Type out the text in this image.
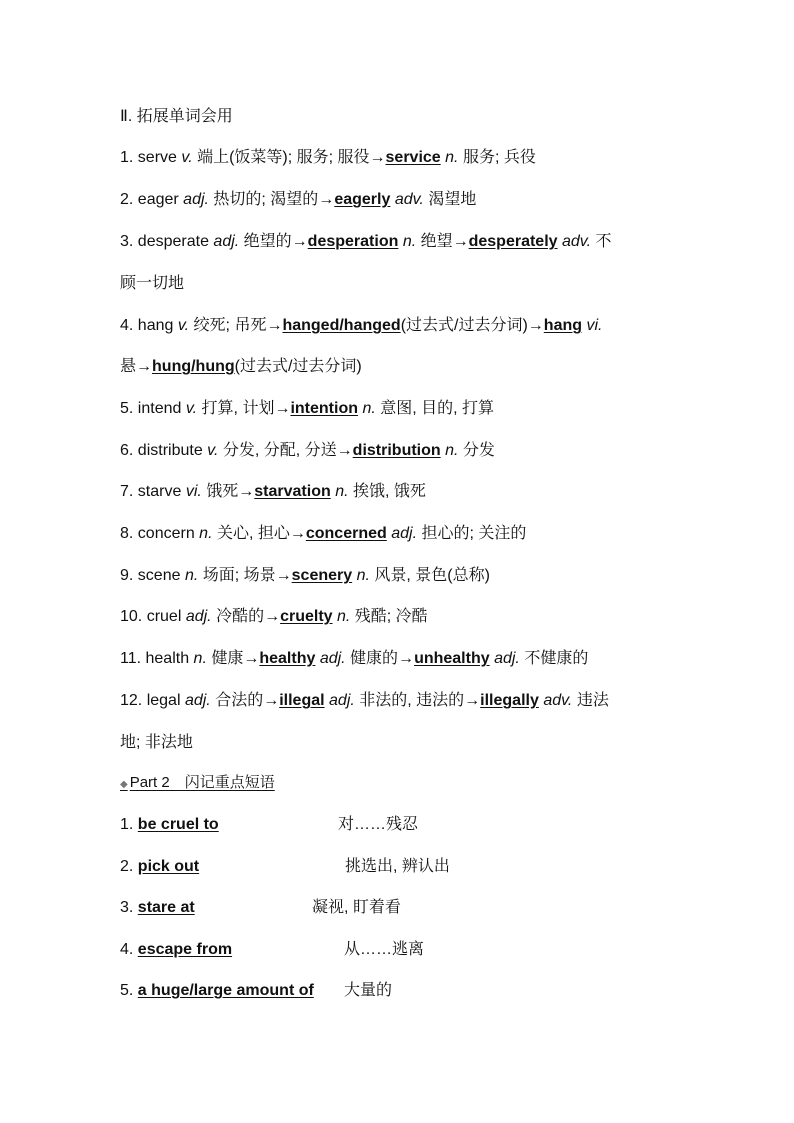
Ⅱ. 拓展单词会用
1. serve v. 端上(饭菜等); 服务; 服役→service n. 服务; 兵役
2. eager adj. 热切的; 渴望的→eagerly adv. 渴望地
3. desperate adj. 绝望的→desperation n. 绝望→desperately adv. 不
顾一切地
4. hang v. 绞死; 吊死→hanged/hanged(过去式/过去分词)→hang vi.
悬→hung/hung(过去式/过去分词)
5. intend v. 打算, 计划→intention n. 意图, 目的, 打算
6. distribute v. 分发, 分配, 分送→distribution n. 分发
7. starve vi. 饿死→starvation n. 挨饿, 饿死
8. concern n. 关心, 担心→concerned adj. 担心的; 关注的
9. scene n. 场面; 场景→scenery n. 风景, 景色(总称)
10. cruel adj. 冷酷的→cruelty n. 残酷; 冷酷
11. health n. 健康→healthy adj. 健康的→unhealthy adj. 不健康的
12. legal adj. 合法的→illegal adj. 非法的, 违法的→illegally adv. 违法
地; 非法地
◆ Part 2　闪记重点短语
1. be cruel to	对……残忍
2. pick out	挑选出, 辨认出
3. stare at	凝视, 盯着看
4. escape from	从……逃离
5. a huge/large amount of 大量的
